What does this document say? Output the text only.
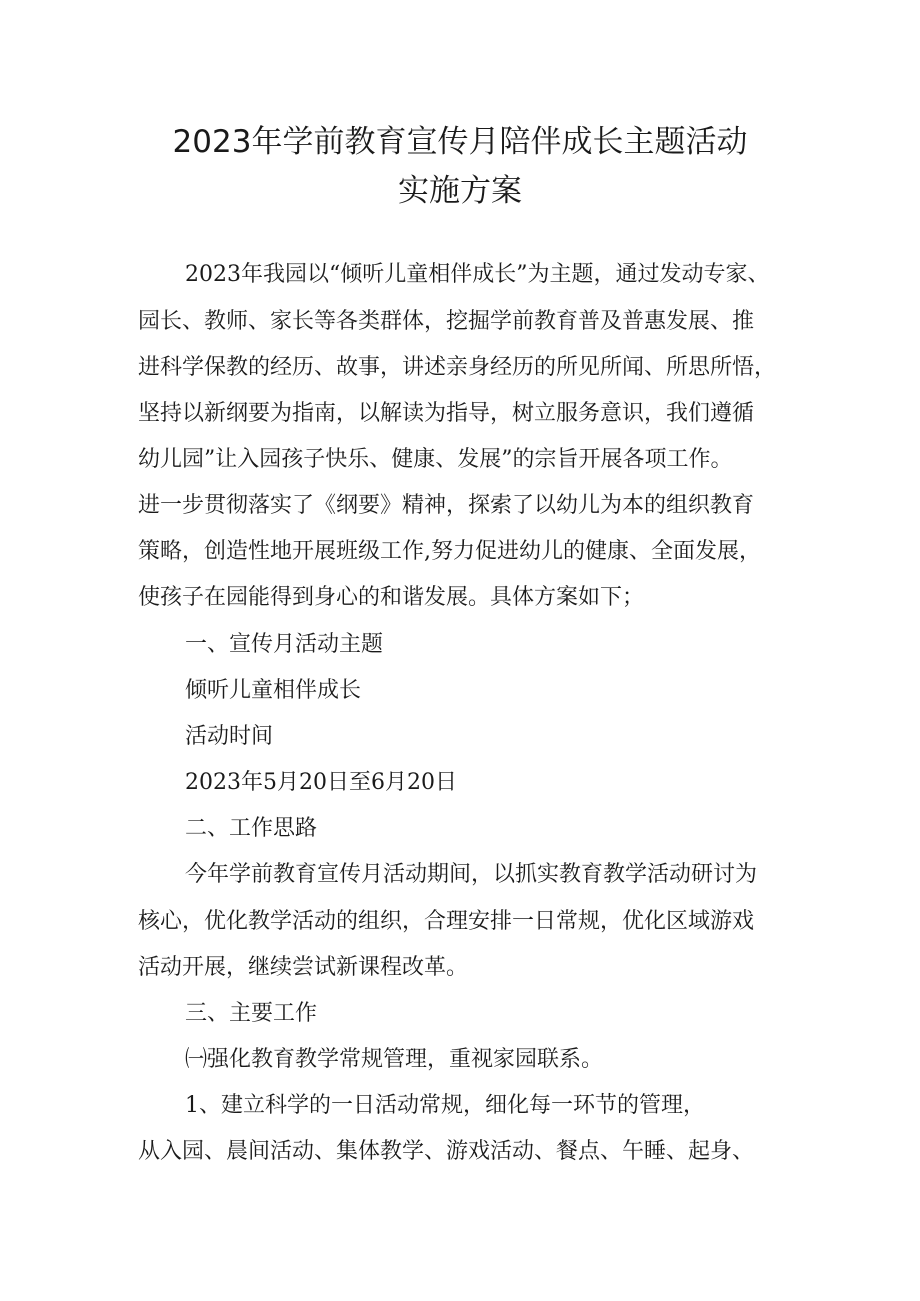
2023年学前教育宣传月陪伴成长主题活动
实施方案

2023年我园以“倾听儿童相伴成长”为主题，通过发动专家、

园长、教师、家长等各类群体，挖掘学前教育普及普惠发展、推

进科学保教的经历、故事，讲述亲身经历的所见所闻、所思所悟，

坚持以新纲要为指南，以解读为指导，树立服务意识，我们遵循

幼儿园”让入园孩子快乐、健康、发展”的宗旨开展各项工作。

进一步贯彻落实了《纲要》精神，探索了以幼儿为本的组织教育

策略，创造性地开展班级工作,努力促进幼儿的健康、全面发展，

使孩子在园能得到身心的和谐发展。具体方案如下；

一、宣传月活动主题

倾听儿童相伴成长

活动时间

2023年5月20日至6月20日

二、工作思路

今年学前教育宣传月活动期间，以抓实教育教学活动研讨为

核心，优化教学活动的组织，合理安排一日常规，优化区域游戏

活动开展，继续尝试新课程改革。

三、主要工作

㈠强化教育教学常规管理，重视家园联系。

1、建立科学的一日活动常规，细化每一环节的管理，

从入园、晨间活动、集体教学、游戏活动、餐点、午睡、起身、
